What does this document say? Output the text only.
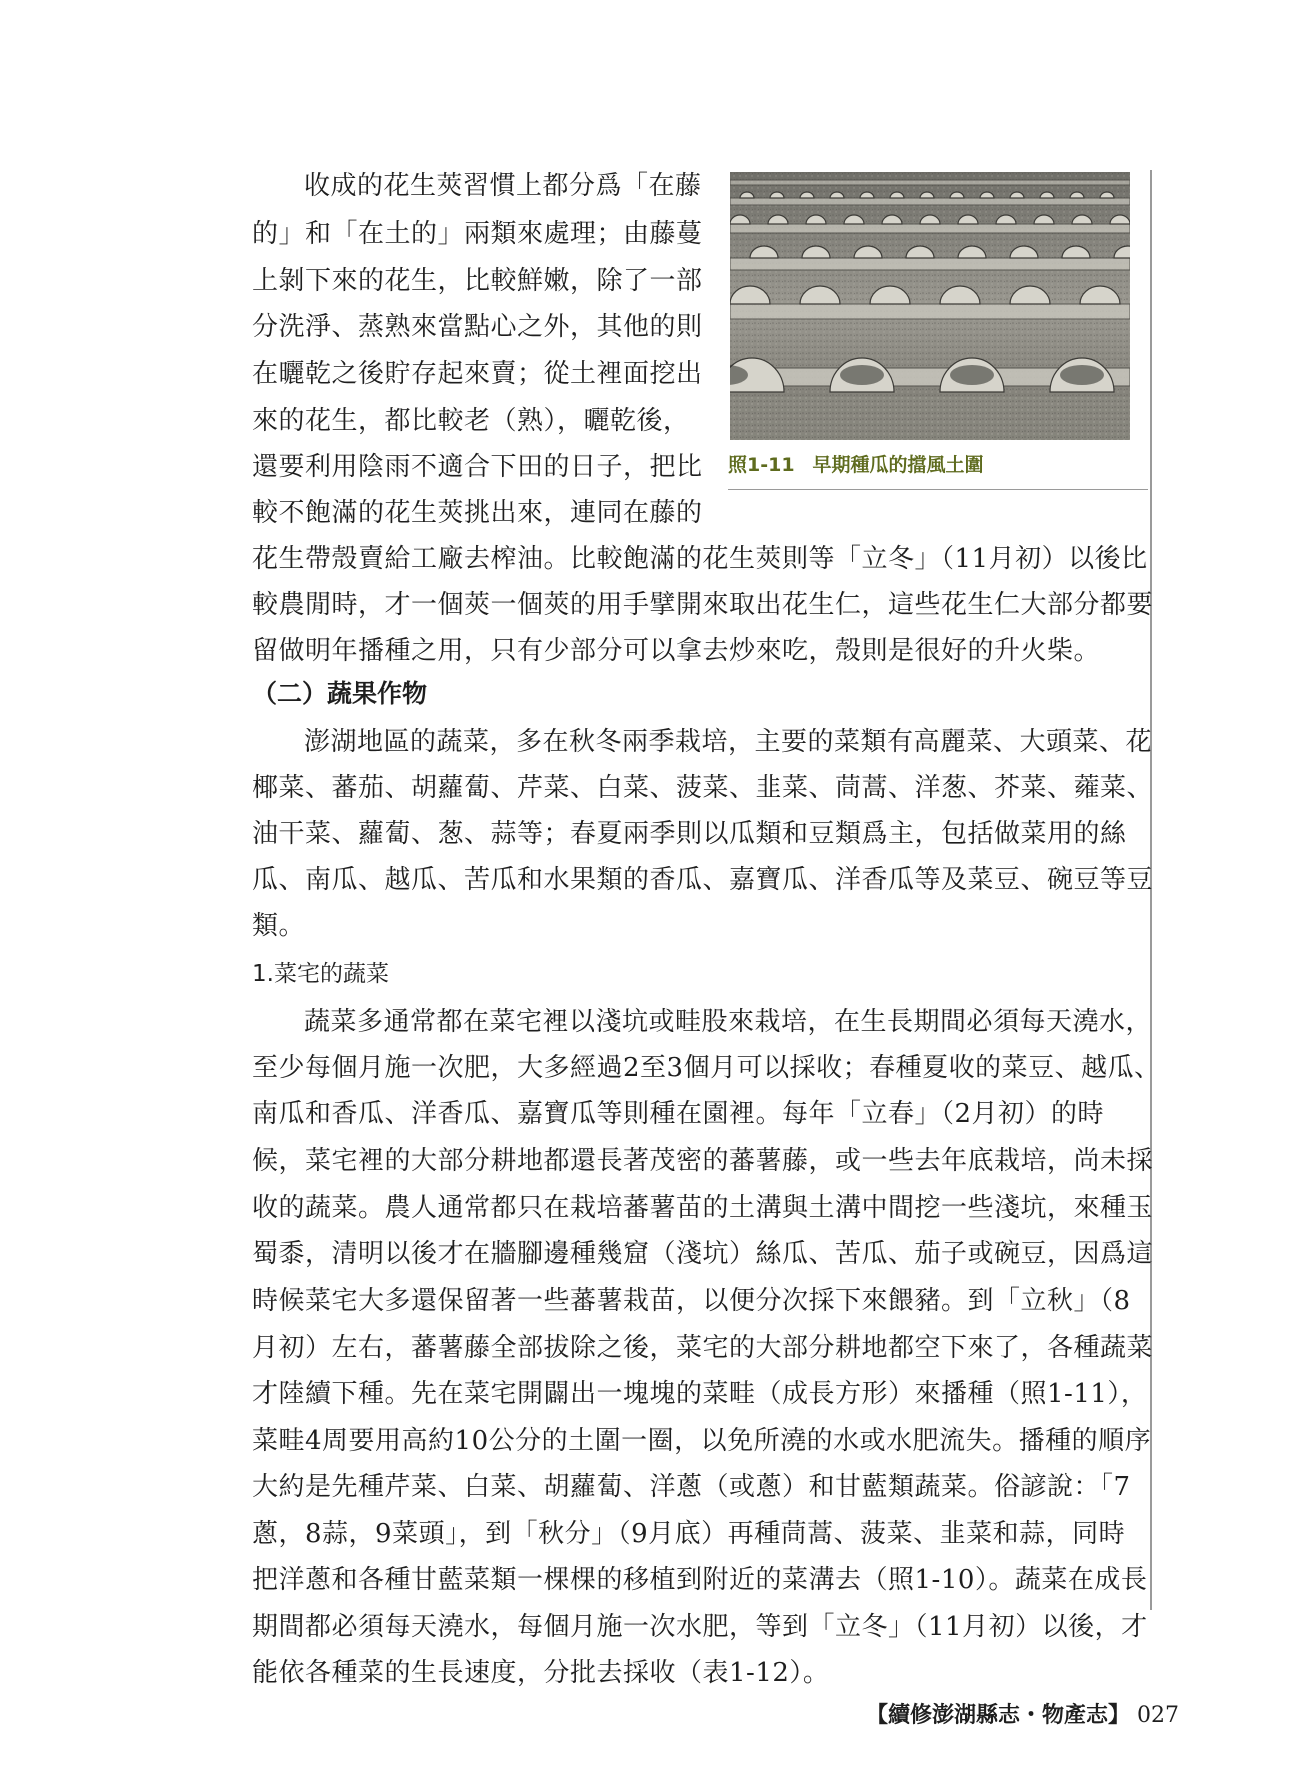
照1-11 早期種瓜的擋風土圍
收成的花生莢習慣上都分爲「在藤
的」和「在土的」兩類來處理；由藤蔓
上剝下來的花生，比較鮮嫩，除了一部
分洗淨、蒸熟來當點心之外，其他的則
在曬乾之後貯存起來賣；從土裡面挖出
來的花生，都比較老（熟），曬乾後，
還要利用陰雨不適合下田的日子，把比
較不飽滿的花生莢挑出來，連同在藤的
花生帶殼賣給工廠去榨油。比較飽滿的花生莢則等「立冬」（11月初）以後比
較農閒時，才一個莢一個莢的用手擘開來取出花生仁，這些花生仁大部分都要
留做明年播種之用，只有少部分可以拿去炒來吃，殼則是很好的升火柴。
（二）蔬果作物
澎湖地區的蔬菜，多在秋冬兩季栽培，主要的菜類有高麗菜、大頭菜、花
椰菜、蕃茄、胡蘿蔔、芹菜、白菜、菠菜、韭菜、茼蒿、洋葱、芥菜、蕹菜、
油干菜、蘿蔔、葱、蒜等；春夏兩季則以瓜類和豆類爲主，包括做菜用的絲
瓜、南瓜、越瓜、苦瓜和水果類的香瓜、嘉寶瓜、洋香瓜等及菜豆、碗豆等豆
類。
1.菜宅的蔬菜
蔬菜多通常都在菜宅裡以淺坑或畦股來栽培，在生長期間必須每天澆水，
至少每個月施一次肥，大多經過2至3個月可以採收；春種夏收的菜豆、越瓜、
南瓜和香瓜、洋香瓜、嘉寶瓜等則種在園裡。每年「立春」（2月初）的時
候，菜宅裡的大部分耕地都還長著茂密的蕃薯藤，或一些去年底栽培，尚未採
收的蔬菜。農人通常都只在栽培蕃薯苗的土溝與土溝中間挖一些淺坑，來種玉
蜀黍，清明以後才在牆腳邊種幾窟（淺坑）絲瓜、苦瓜、茄子或碗豆，因爲這
時候菜宅大多還保留著一些蕃薯栽苗，以便分次採下來餵豬。到「立秋」（8
月初）左右，蕃薯藤全部拔除之後，菜宅的大部分耕地都空下來了，各種蔬菜
才陸續下種。先在菜宅開闢出一塊塊的菜畦（成長方形）來播種（照1-11），
菜畦4周要用高約10公分的土圍一圈，以免所澆的水或水肥流失。播種的順序
大約是先種芹菜、白菜、胡蘿蔔、洋蔥（或蔥）和甘藍類蔬菜。俗諺說：「7
蔥，8蒜，9菜頭」，到「秋分」（9月底）再種茼蒿、菠菜、韭菜和蒜，同時
把洋蔥和各種甘藍菜類一棵棵的移植到附近的菜溝去（照1-10）。蔬菜在成長
期間都必須每天澆水，每個月施一次水肥，等到「立冬」（11月初）以後，才
能依各種菜的生長速度，分批去採收（表1-12）。
【續修澎湖縣志・物產志】 027
